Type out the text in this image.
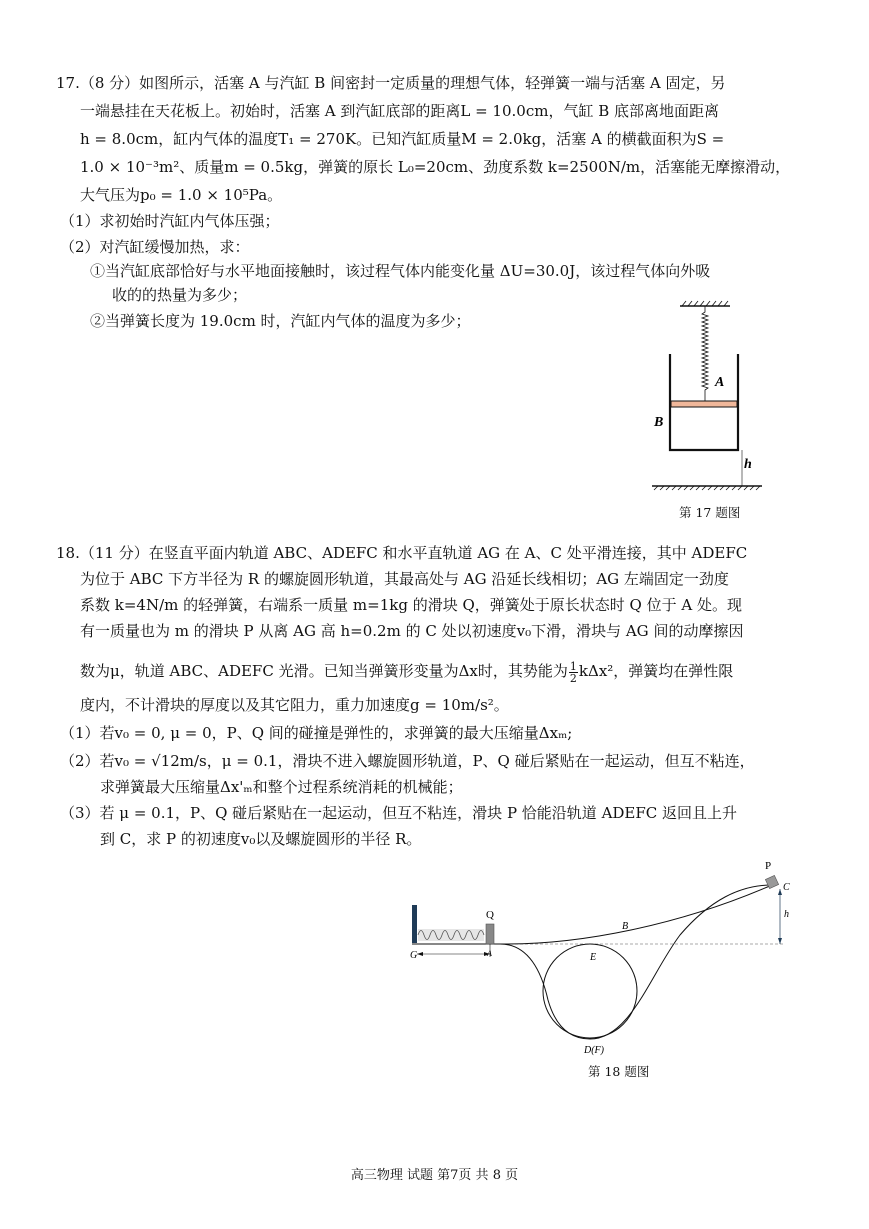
17.（8 分）如图所示，活塞 A 与汽缸 B 间密封一定质量的理想气体，轻弹簧一端与活塞 A 固定，另
一端悬挂在天花板上。初始时，活塞 A 到汽缸底部的距离L = 10.0cm，气缸 B 底部离地面距离
h = 8.0cm，缸内气体的温度T₁ = 270K。已知汽缸质量M = 2.0kg，活塞 A 的横截面积为S =
1.0 × 10⁻³m²、质量m = 0.5kg，弹簧的原长 L₀=20cm、劲度系数 k=2500N/m，活塞能无摩擦滑动，
大气压为p₀ = 1.0 × 10⁵Pa。
（1）求初始时汽缸内气体压强；
（2）对汽缸缓慢加热，求：
①当汽缸底部恰好与水平地面接触时，该过程气体内能变化量 ΔU=30.0J，该过程气体向外吸
收的的热量为多少；
②当弹簧长度为 19.0cm 时，汽缸内气体的温度为多少；
A
B
h
第 17 题图
18.（11 分）在竖直平面内轨道 ABC、ADEFC 和水平直轨道 AG 在 A、C 处平滑连接，其中 ADEFC
为位于 ABC 下方半径为 R 的螺旋圆形轨道，其最高处与 AG 沿延长线相切；AG 左端固定一劲度
系数 k=4N/m 的轻弹簧，右端系一质量 m=1kg 的滑块 Q，弹簧处于原长状态时 Q 位于 A 处。现
有一质量也为 m 的滑块 P 从离 AG 高 h=0.2m 的 C 处以初速度v₀下滑，滑块与 AG 间的动摩擦因
数为μ，轨道 ABC、ADEFC 光滑。已知当弹簧形变量为Δx时，其势能为 $\frac{1}{2} k\Delta x^2$，弹簧均在弹性限
度内，不计滑块的厚度以及其它阻力，重力加速度g = 10m/s²。
（1）若v₀ = 0, μ = 0，P、Q 间的碰撞是弹性的，求弹簧的最大压缩量Δxₘ;
（2）若v₀ = √12m/s，μ = 0.1，滑块不进入螺旋圆形轨道，P、Q 碰后紧贴在一起运动，但互不粘连，
求弹簧最大压缩量Δx'ₘ和整个过程系统消耗的机械能；
（3）若 μ = 0.1，P、Q 碰后紧贴在一起运动，但互不粘连，滑块 P 恰能沿轨道 ADEFC 返回且上升
到 C，求 P 的初速度v₀以及螺旋圆形的半径 R。
Q
G	A
P
C
B
E
D(F)
h
第 18 题图
高三物理 试题 第7页 共 8 页
